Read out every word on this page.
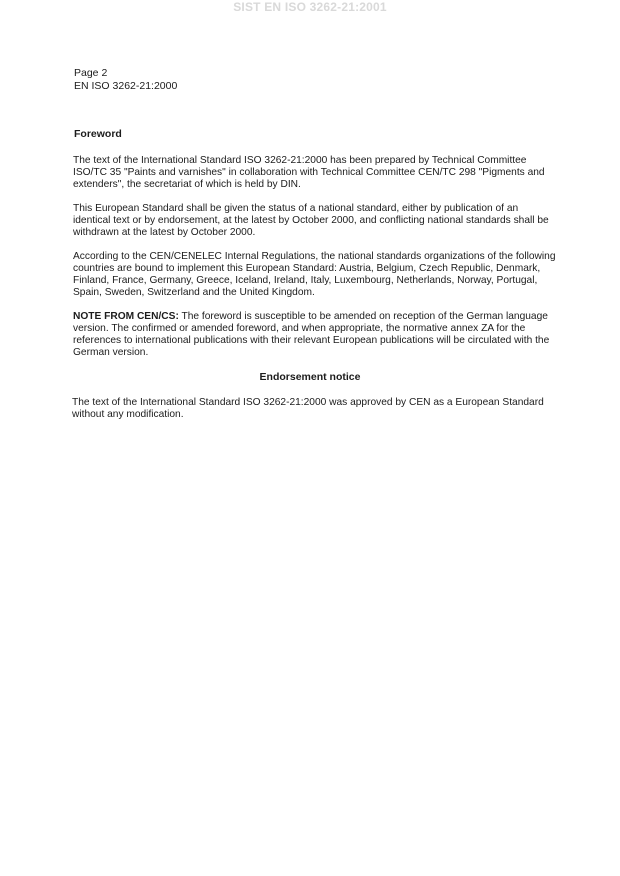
SIST EN ISO 3262-21:2001
Page 2
EN ISO 3262-21:2000
Foreword

The text of the International Standard ISO 3262-21:2000 has been prepared by Technical Committee ISO/TC 35 "Paints and varnishes" in collaboration with Technical Committee CEN/TC 298 "Pigments and extenders", the secretariat of which is held by DIN.

This European Standard shall be given the status of a national standard, either by publication of an identical text or by endorsement, at the latest by October 2000, and conflicting national standards shall be withdrawn at the latest by October 2000.

According to the CEN/CENELEC Internal Regulations, the national standards organizations of the following countries are bound to implement this European Standard: Austria, Belgium, Czech Republic, Denmark, Finland, France, Germany, Greece, Iceland, Ireland, Italy, Luxembourg, Netherlands, Norway, Portugal, Spain, Sweden, Switzerland and the United Kingdom.

NOTE FROM CEN/CS: The foreword is susceptible to be amended on reception of the German language version. The confirmed or amended foreword, and when appropriate, the normative annex ZA for the references to international publications with their relevant European publications will be circulated with the German version.

Endorsement notice

The text of the International Standard ISO 3262-21:2000 was approved by CEN as a European Standard without any modification.
